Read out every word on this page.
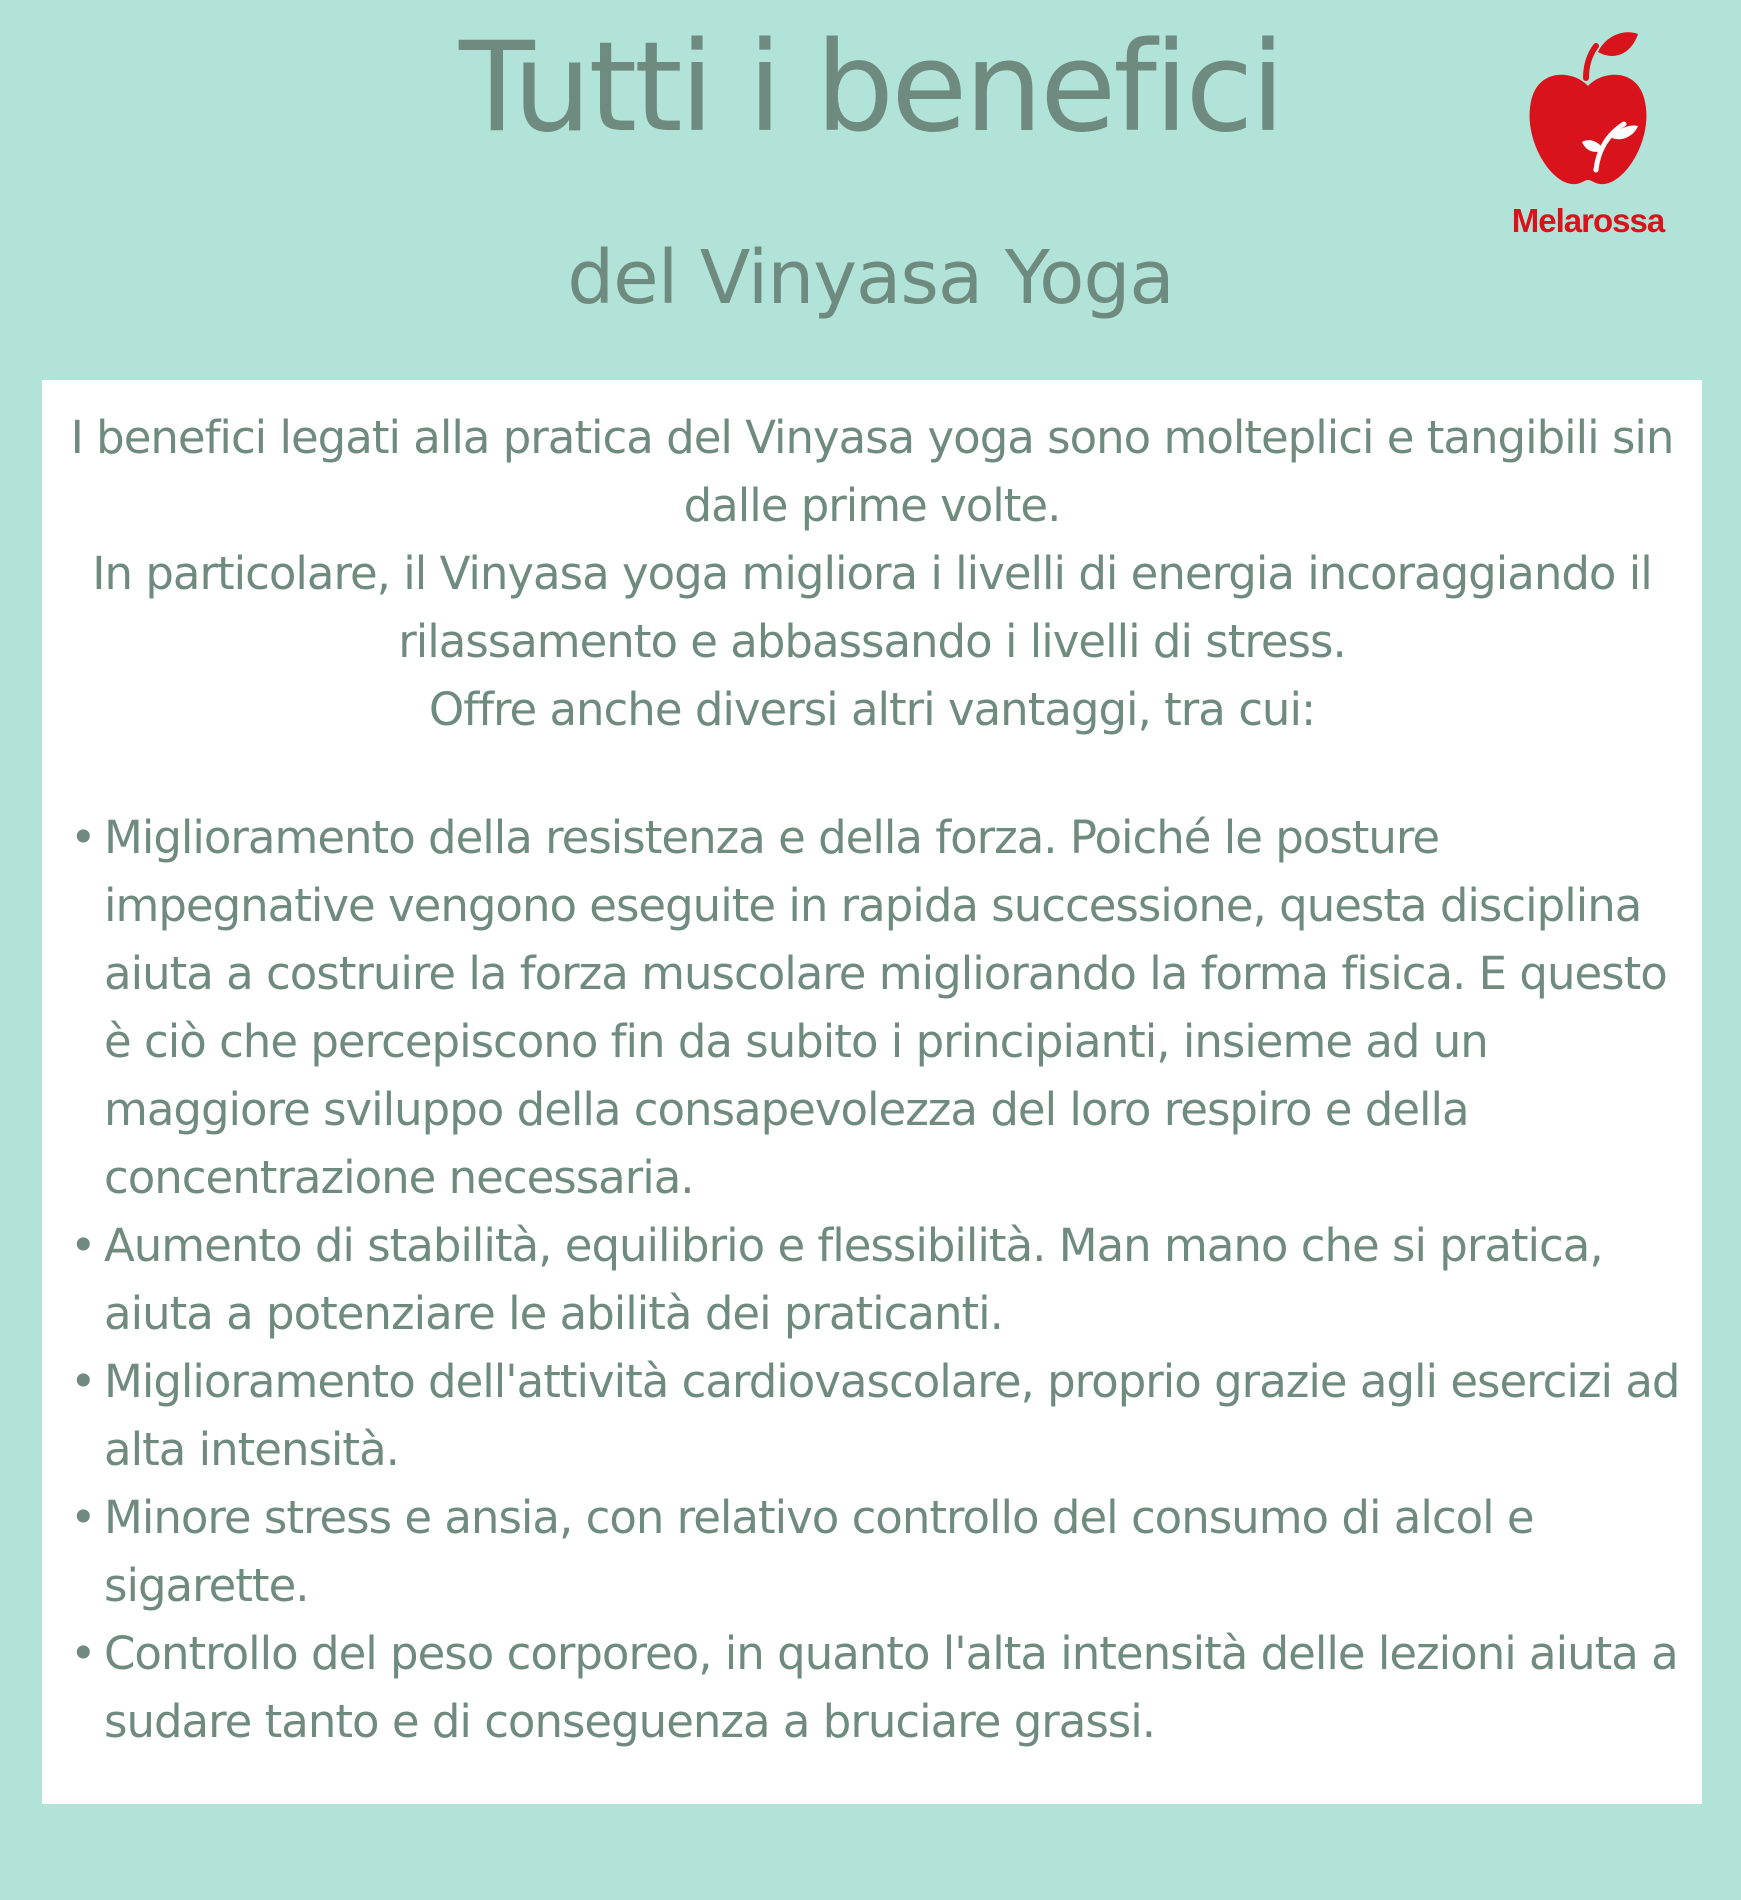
Tutti i benefici
del Vinyasa Yoga
Melarossa

I benefici legati alla pratica del Vinyasa yoga sono molteplici e tangibili sin dalle prime volte.

In particolare, il Vinyasa yoga migliora i livelli di energia incoraggiando il rilassamento e abbassando i livelli di stress.

Offre anche diversi altri vantaggi, tra cui:

• Miglioramento della resistenza e della forza. Poiché le posture impegnative vengono eseguite in rapida successione, questa disciplina aiuta a costruire la forza muscolare migliorando la forma fisica. E questo è ciò che percepiscono fin da subito i principianti, insieme ad un maggiore sviluppo della consapevolezza del loro respiro e della concentrazione necessaria.
• Aumento di stabilità, equilibrio e flessibilità. Man mano che si pratica, aiuta a potenziare le abilità dei praticanti.
• Miglioramento dell'attività cardiovascolare, proprio grazie agli esercizi ad alta intensità.
• Minore stress e ansia, con relativo controllo del consumo di alcol e sigarette.
• Controllo del peso corporeo, in quanto l'alta intensità delle lezioni aiuta a sudare tanto e di conseguenza a bruciare grassi.
